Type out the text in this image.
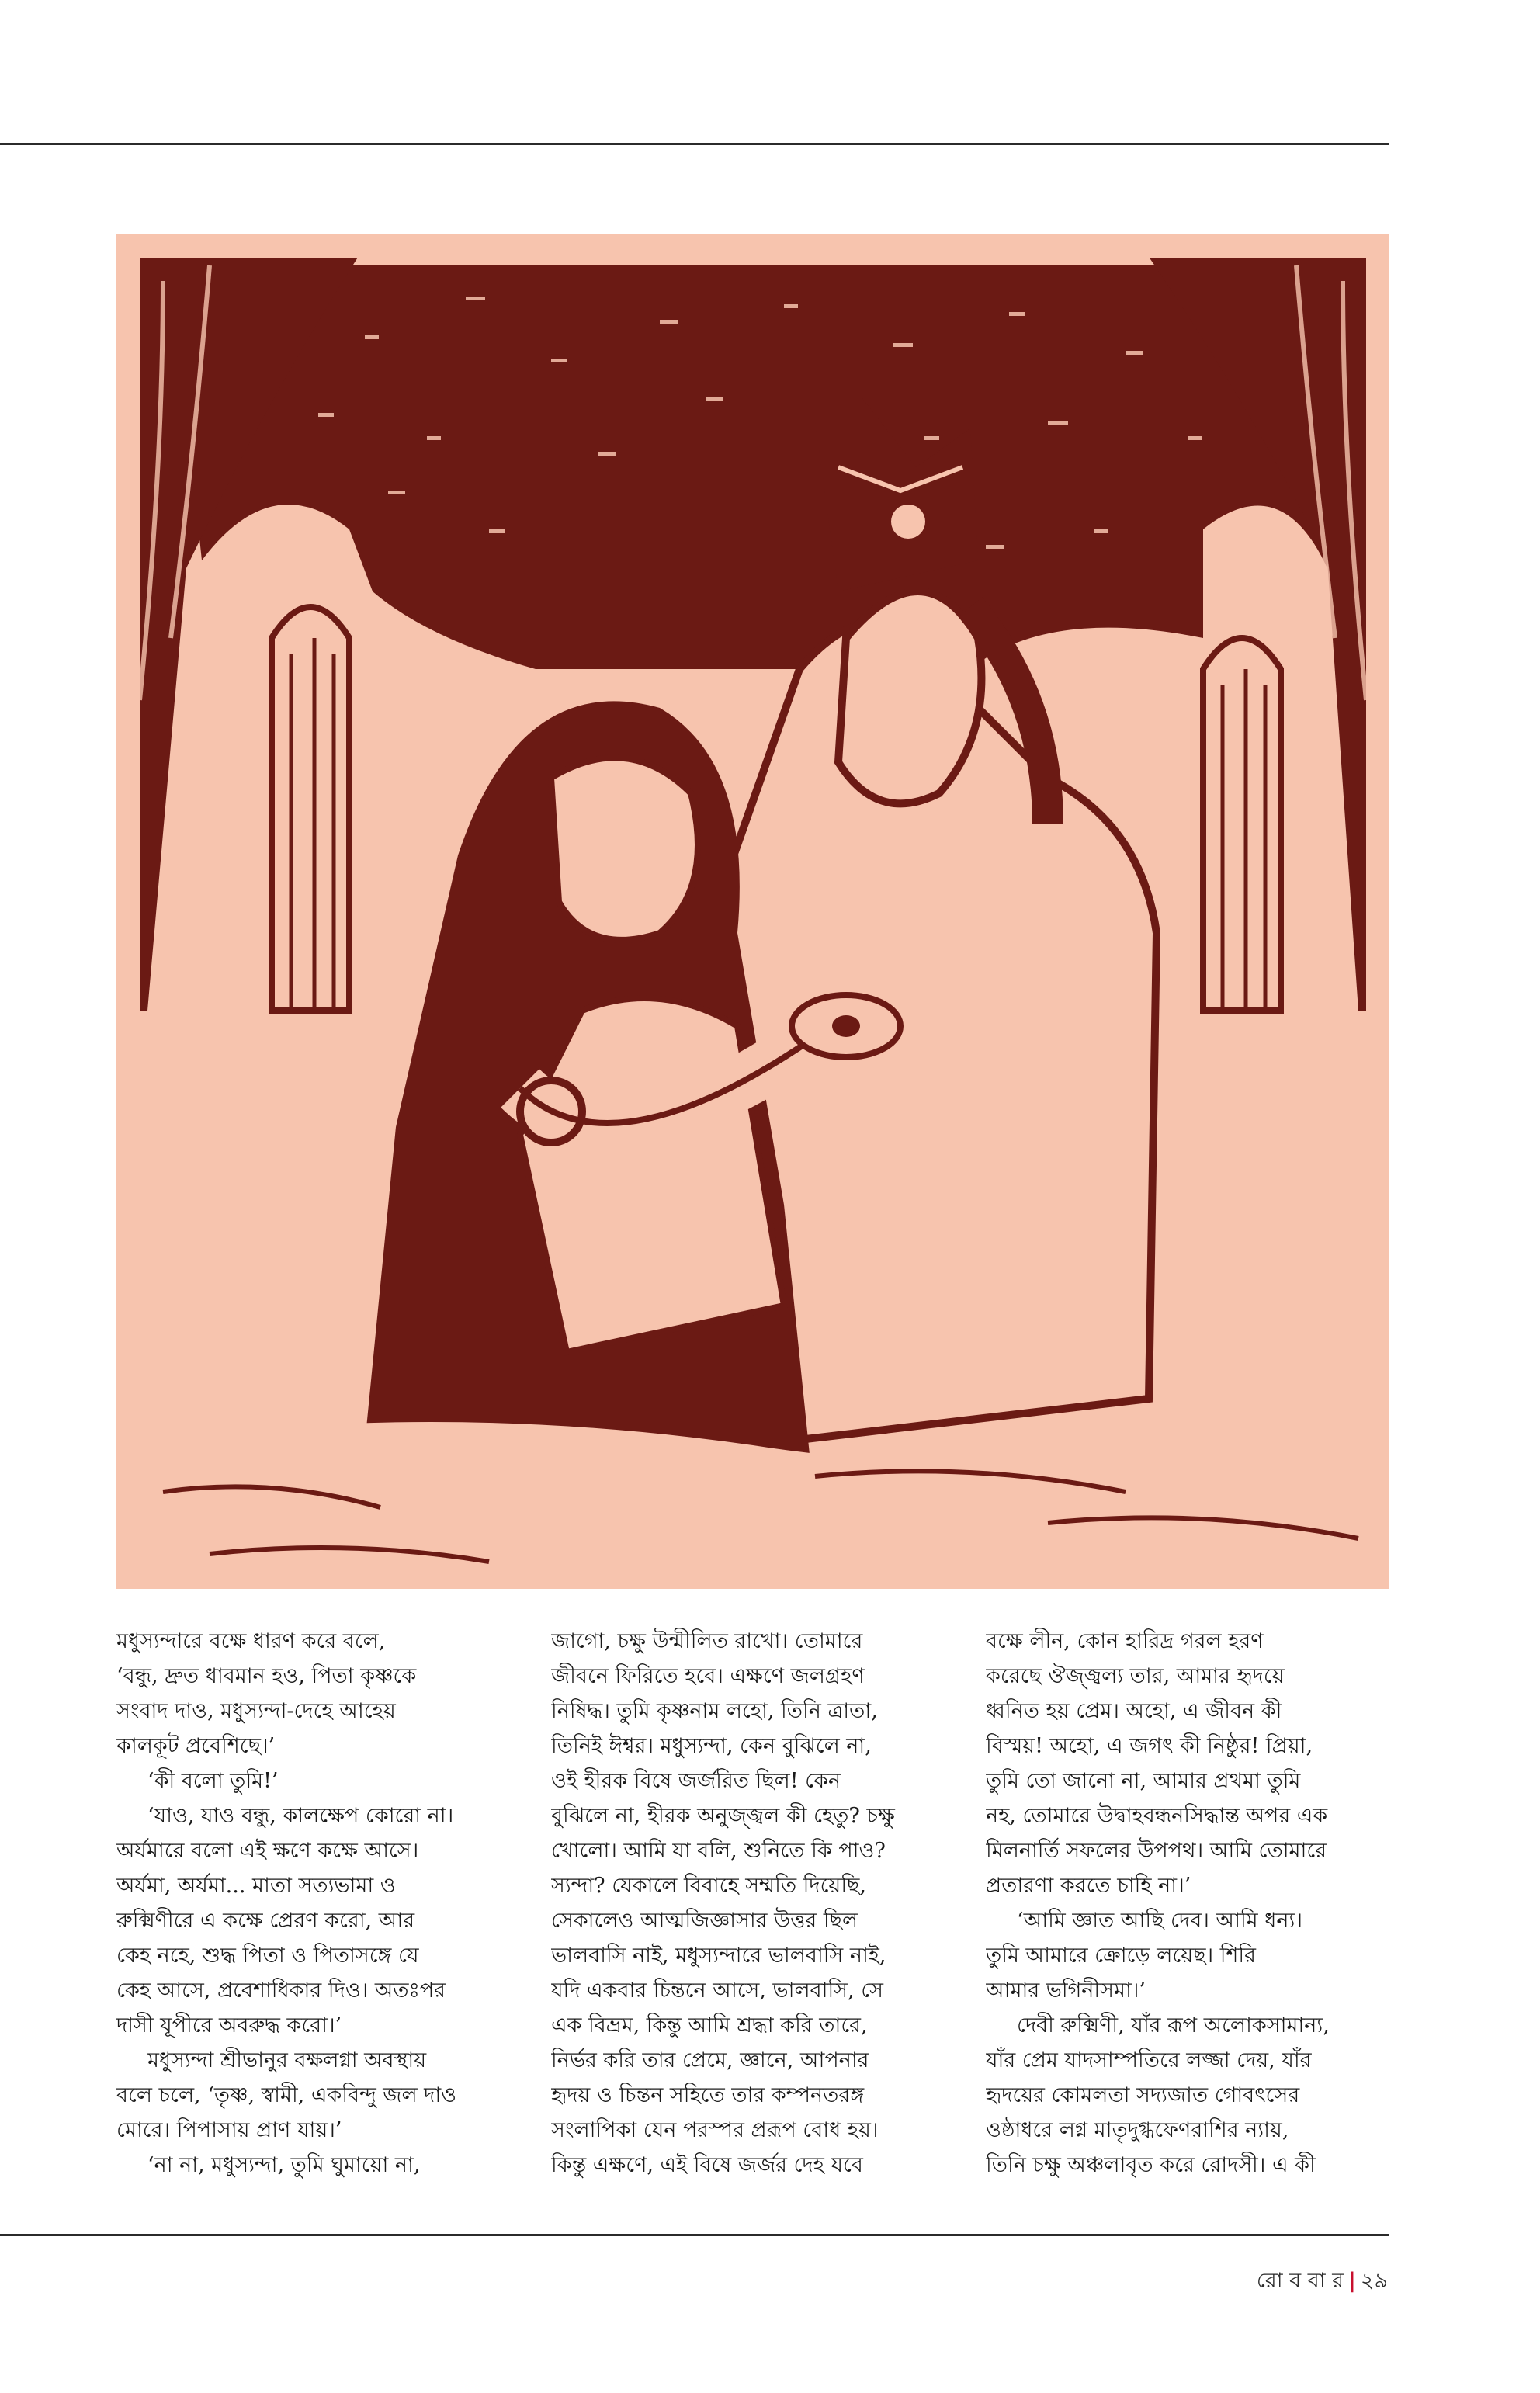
মধুস্যন্দারে বক্ষে ধারণ করে বলে,
‘বন্ধু, দ্রুত ধাবমান হও, পিতা কৃষ্ণকে
সংবাদ দাও, মধুস্যন্দা-দেহে আহেয়
কালকূট প্রবেশিছে।’

‘কী বলো তুমি!’

‘যাও, যাও বন্ধু, কালক্ষেপ কোরো না।

অর্যমারে বলো এই ক্ষণে কক্ষে আসে।
অর্যমা, অর্যমা... মাতা সত্যভামা ও
রুক্মিণীরে এ কক্ষে প্রেরণ করো, আর
কেহ নহে, শুদ্ধ পিতা ও পিতাসঙ্গে যে
কেহ আসে, প্রবেশাধিকার দিও। অতঃপর
দাসী যূপীরে অবরুদ্ধ করো।’

মধুস্যন্দা শ্রীভানুর বক্ষলগ্না অবস্থায়

বলে চলে, ‘তৃষ্ণ, স্বামী, একবিন্দু জল দাও
মোরে। পিপাসায় প্রাণ যায়।’

‘না না, মধুস্যন্দা, তুমি ঘুমায়ো না,

জাগো, চক্ষু উন্মীলিত রাখো। তোমারে
জীবনে ফিরিতে হবে। এক্ষণে জলগ্রহণ
নিষিদ্ধ। তুমি কৃষ্ণনাম লহো, তিনি ত্রাতা,
তিনিই ঈশ্বর। মধুস্যন্দা, কেন বুঝিলে না,
ওই হীরক বিষে জর্জরিত ছিল! কেন
বুঝিলে না, হীরক অনুজ্জ্বল কী হেতু? চক্ষু
খোলো। আমি যা বলি, শুনিতে কি পাও?
স্যন্দা? যেকালে বিবাহে সম্মতি দিয়েছি,
সেকালেও আত্মজিজ্ঞাসার উত্তর ছিল
ভালবাসি নাই, মধুস্যন্দারে ভালবাসি নাই,
যদি একবার চিন্তনে আসে, ভালবাসি, সে
এক বিভ্রম, কিন্তু আমি শ্রদ্ধা করি তারে,
নির্ভর করি তার প্রেমে, জ্ঞানে, আপনার
হৃদয় ও চিন্তন সহিতে তার কম্পনতরঙ্গ
সংলাপিকা যেন পরস্পর প্ররূপ বোধ হয়।
কিন্তু এক্ষণে, এই বিষে জর্জর দেহ যবে

বক্ষে লীন, কোন হারিদ্র গরল হরণ
করেছে ঔজ্জ্বল্য তার, আমার হৃদয়ে
ধ্বনিত হয় প্রেম। অহো, এ জীবন কী
বিস্ময়! অহো, এ জগৎ কী নিষ্ঠুর! প্রিয়া,
তুমি তো জানো না, আমার প্রথমা তুমি
নহ, তোমারে উদ্বাহবন্ধনসিদ্ধান্ত অপর এক
মিলনার্তি সফলের উপপথ। আমি তোমারে
প্রতারণা করতে চাহি না।’

‘আমি জ্ঞাত আছি দেব। আমি ধন্য।

তুমি আমারে ক্রোড়ে লয়েছ। শিরি
আমার ভগিনীসমা।’

দেবী রুক্মিণী, যাঁর রূপ অলোকসামান্য,

যাঁর প্রেম যাদসাম্পতিরে লজ্জা দেয়, যাঁর
হৃদয়ের কোমলতা সদ্যজাত গোবৎসের
ওষ্ঠাধরে লগ্ন মাতৃদুগ্ধফেণরাশির ন্যায়,
তিনি চক্ষু অঞ্চলাবৃত করে রোদসী। এ কী

রো ব বা র | ২৯
